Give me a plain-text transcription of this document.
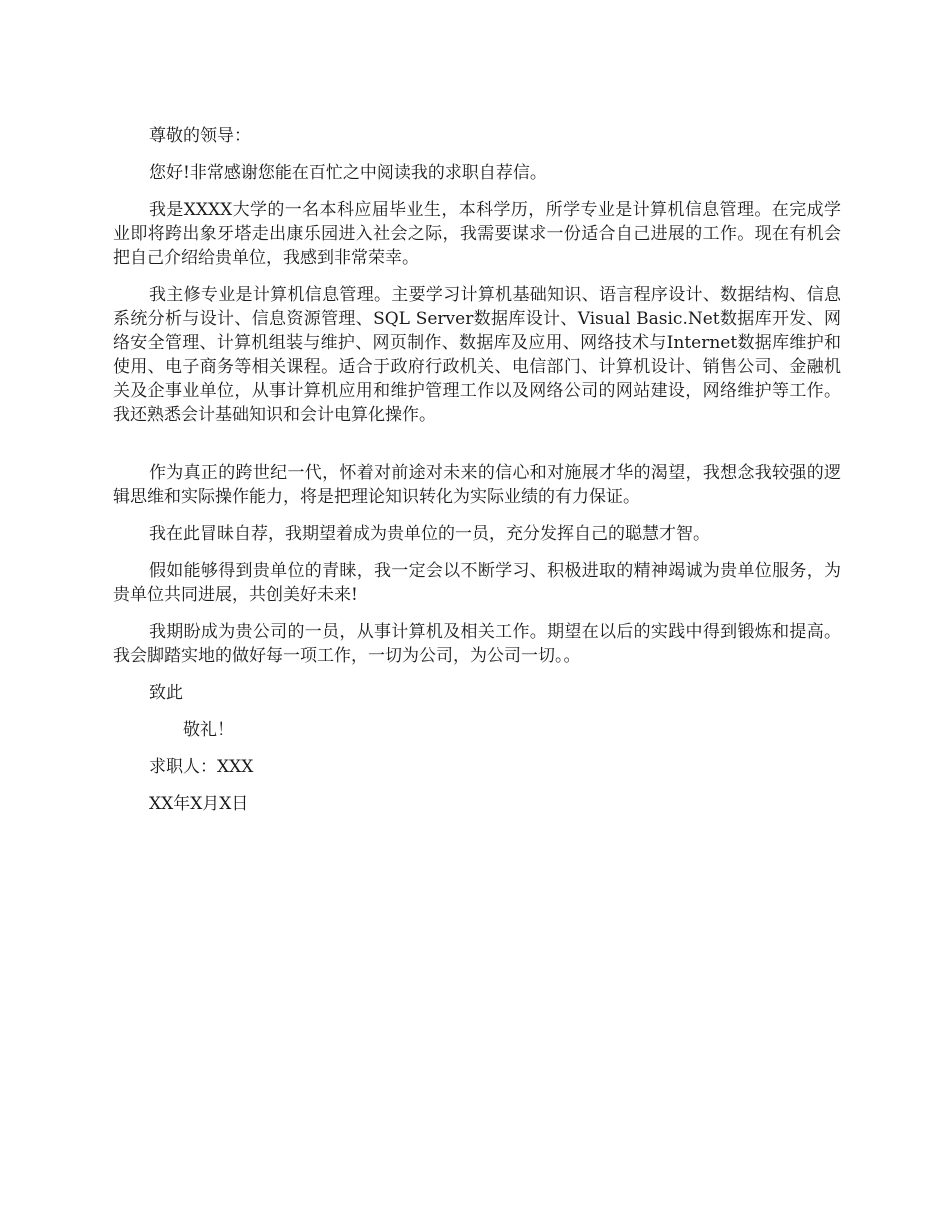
尊敬的领导：

您好!非常感谢您能在百忙之中阅读我的求职自荐信。

我是XXXX大学的一名本科应届毕业生，本科学历，所学专业是计算机信息管理。在完成学业即将跨出象牙塔走出康乐园进入社会之际，我需要谋求一份适合自己进展的工作。现在有机会把自己介绍给贵单位，我感到非常荣幸。

我主修专业是计算机信息管理。主要学习计算机基础知识、语言程序设计、数据结构、信息系统分析与设计、信息资源管理、SQL Server数据库设计、Visual Basic.Net数据库开发、网络安全管理、计算机组装与维护、网页制作、数据库及应用、网络技术与Internet数据库维护和使用、电子商务等相关课程。适合于政府行政机关、电信部门、计算机设计、销售公司、金融机关及企事业单位，从事计算机应用和维护管理工作以及网络公司的网站建设，网络维护等工作。我还熟悉会计基础知识和会计电算化操作。

作为真正的跨世纪一代，怀着对前途对未来的信心和对施展才华的渴望，我想念我较强的逻辑思维和实际操作能力，将是把理论知识转化为实际业绩的有力保证。

我在此冒昧自荐，我期望着成为贵单位的一员，充分发挥自己的聪慧才智。

假如能够得到贵单位的青睐，我一定会以不断学习、积极进取的精神竭诚为贵单位服务，为贵单位共同进展，共创美好未来!

我期盼成为贵公司的一员，从事计算机及相关工作。期望在以后的实践中得到锻炼和提高。我会脚踏实地的做好每一项工作，一切为公司，为公司一切。。

致此

敬礼！

求职人：XXX

XX年X月X日
